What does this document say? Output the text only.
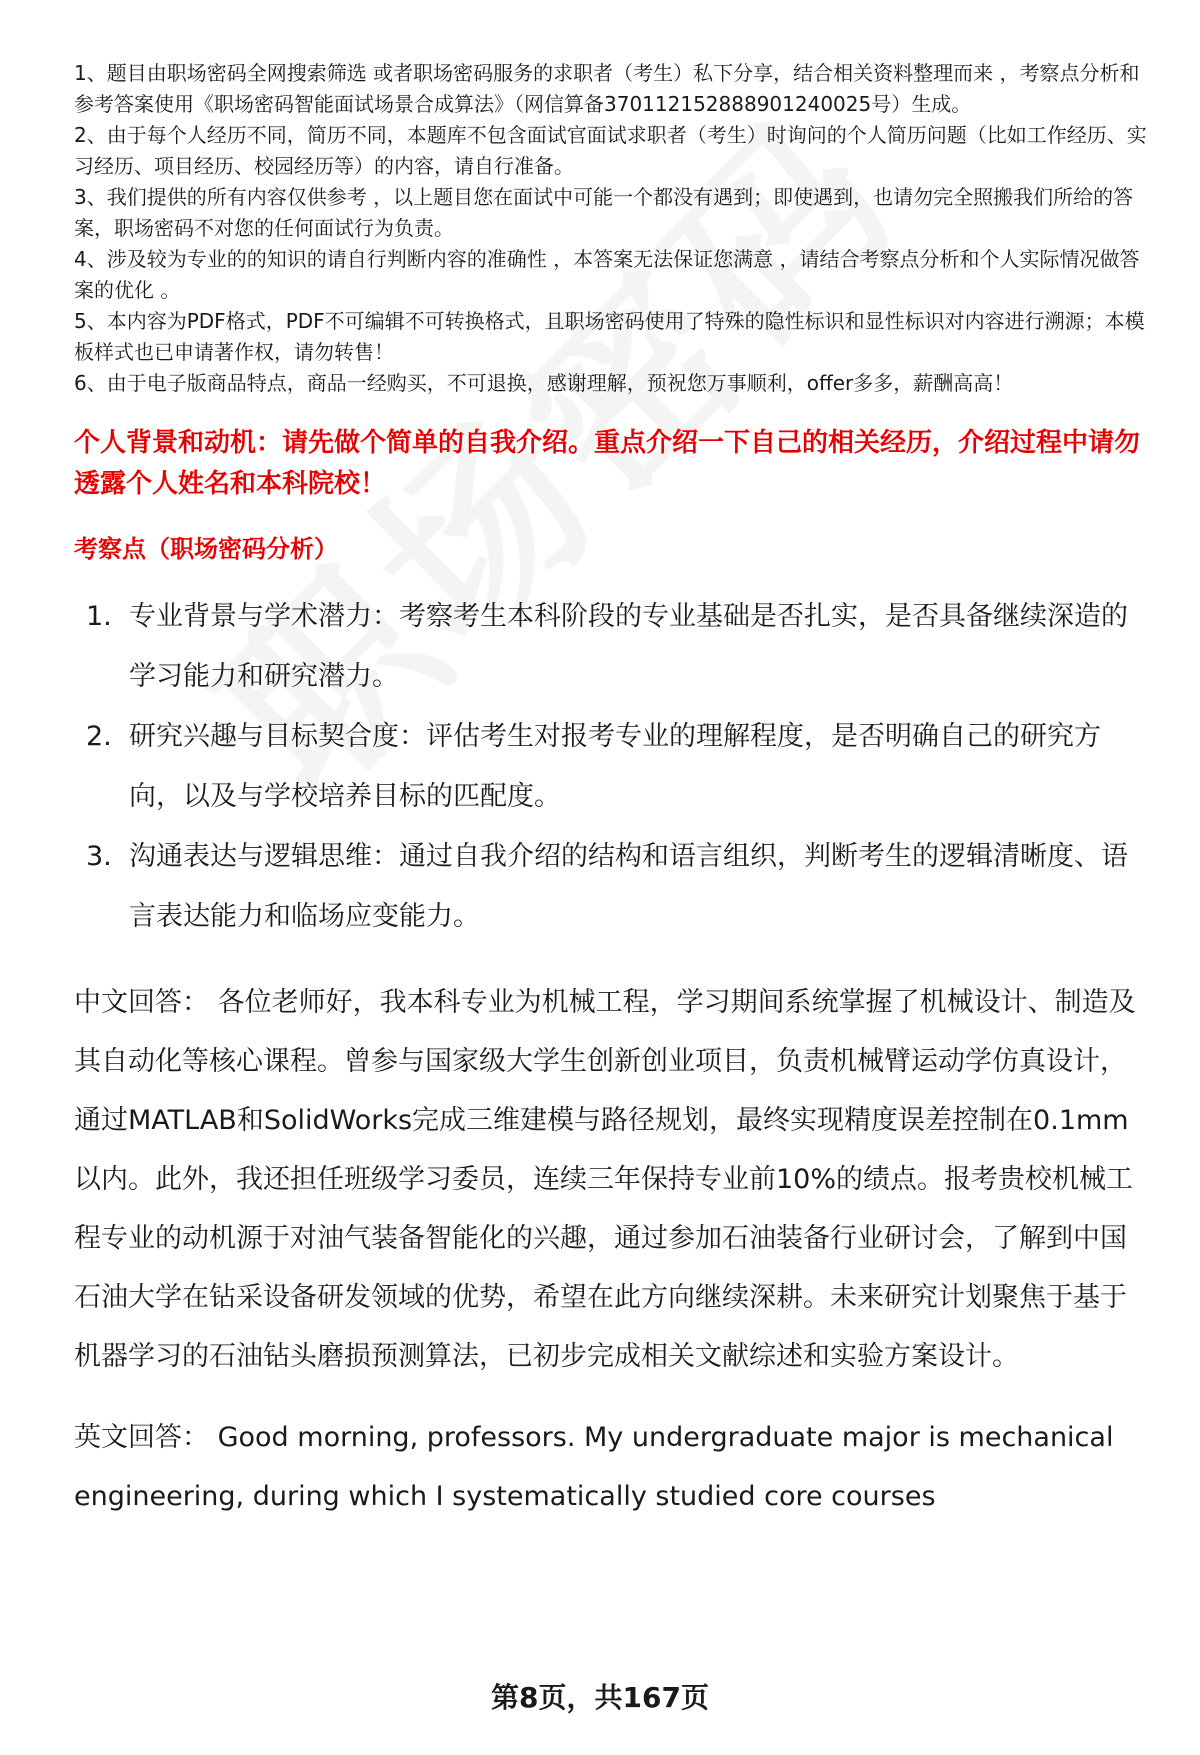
1、题目由职场密码全网搜索筛选 或者职场密码服务的求职者（考生）私下分享，结合相关资料整理而来 ，考察点分析和参考答案使用《职场密码智能面试场景合成算法》（网信算备370112152888901240025号）生成。
2、由于每个人经历不同，简历不同，本题库不包含面试官面试求职者（考生）时询问的个人简历问题（比如工作经历、实习经历、项目经历、校园经历等）的内容，请自行准备。
3、我们提供的所有内容仅供参考 ，以上题目您在面试中可能一个都没有遇到；即使遇到，也请勿完全照搬我们所给的答案，职场密码不对您的任何面试行为负责。
4、涉及较为专业的的知识的请自行判断内容的准确性 ，本答案无法保证您满意 ，请结合考察点分析和个人实际情况做答案的优化 。
5、本内容为PDF格式，PDF不可编辑不可转换格式，且职场密码使用了特殊的隐性标识和显性标识对内容进行溯源；本模板样式也已申请著作权，请勿转售！
6、由于电子版商品特点，商品一经购买，不可退换，感谢理解，预祝您万事顺利，offer多多，薪酬高高！
个人背景和动机：请先做个简单的自我介绍。重点介绍一下自己的相关经历，介绍过程中请勿透露个人姓名和本科院校！
考察点（职场密码分析）
1. 专业背景与学术潜力：考察考生本科阶段的专业基础是否扎实，是否具备继续深造的学习能力和研究潜力。
2. 研究兴趣与目标契合度：评估考生对报考专业的理解程度，是否明确自己的研究方向，以及与学校培养目标的匹配度。
3. 沟通表达与逻辑思维：通过自我介绍的结构和语言组织，判断考生的逻辑清晰度、语言表达能力和临场应变能力。
中文回答： 各位老师好，我本科专业为机械工程，学习期间系统掌握了机械设计、制造及其自动化等核心课程。曾参与国家级大学生创新创业项目，负责机械臂运动学仿真设计，通过MATLAB和SolidWorks完成三维建模与路径规划，最终实现精度误差控制在0.1mm以内。此外，我还担任班级学习委员，连续三年保持专业前10%的绩点。报考贵校机械工程专业的动机源于对油气装备智能化的兴趣，通过参加石油装备行业研讨会，了解到中国石油大学在钻采设备研发领域的优势，希望在此方向继续深耕。未来研究计划聚焦于基于机器学习的石油钻头磨损预测算法，已初步完成相关文献综述和实验方案设计。
英文回答： Good morning, professors. My undergraduate major is mechanical engineering, during which I systematically studied core courses
第8页，共167页
